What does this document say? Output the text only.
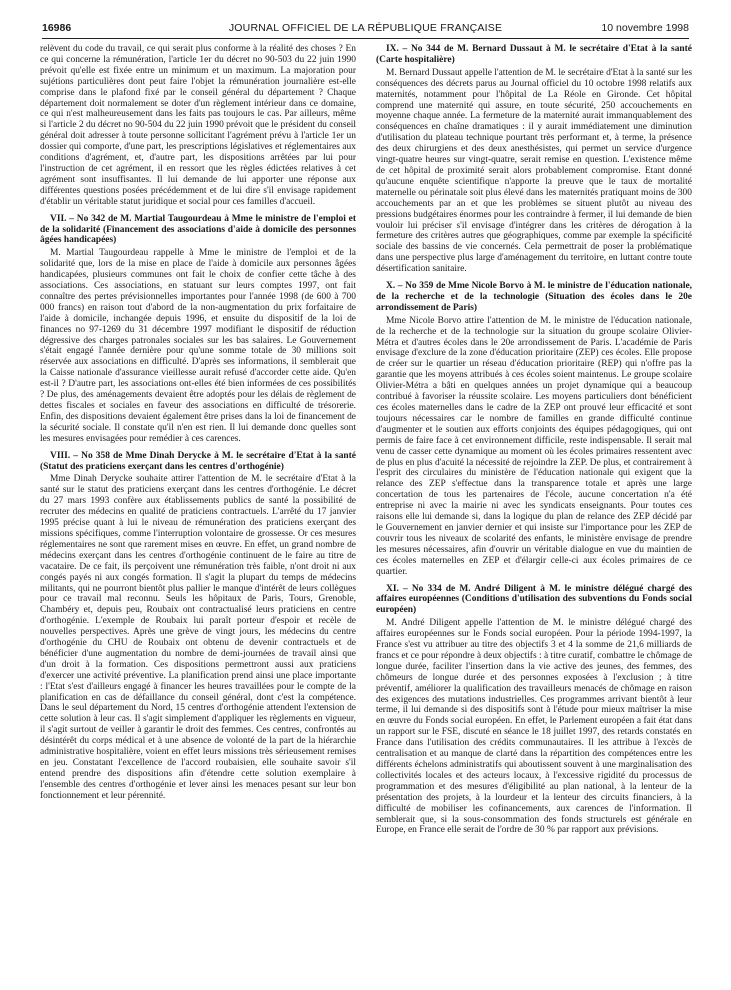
16986	JOURNAL OFFICIEL DE LA RÉPUBLIQUE FRANÇAISE	10 novembre 1998

relèvent du code du travail, ce qui serait plus conforme à la réalité des choses ? En ce qui concerne la rémunération, l'article 1er du décret no 90-503 du 22 juin 1990 prévoit qu'elle est fixée entre un minimum et un maximum. La majoration pour sujétions particulières dont peut faire l'objet la rémunération journalière est-elle comprise dans le plafond fixé par le conseil général du département ? Chaque département doit normalement se doter d'un règlement intérieur dans ce domaine, ce qui n'est malheureusement dans les faits pas toujours le cas. Par ailleurs, même si l'article 2 du décret no 90-504 du 22 juin 1990 prévoit que le président du conseil général doit adresser à toute personne sollicitant l'agrément prévu à l'article 1er un dossier qui comporte, d'une part, les prescriptions législatives et réglementaires aux conditions d'agrément, et, d'autre part, les dispositions arrêtées par lui pour l'instruction de cet agrément, il en ressort que les règles édictées relatives à cet agrément sont insuffisantes. Il lui demande de lui apporter une réponse aux différentes questions posées précédemment et de lui dire s'il envisage rapidement d'établir un véritable statut juridique et social pour ces familles d'accueil.

VII. – No 342 de M. Martial Taugourdeau à Mme le ministre de l'emploi et de la solidarité (Financement des associations d'aide à domicile des personnes âgées handicapées)

M. Martial Taugourdeau rappelle à Mme le ministre de l'emploi et de la solidarité que, lors de la mise en place de l'aide à domicile aux personnes âgées handicapées, plusieurs communes ont fait le choix de confier cette tâche à des associations. Ces associations, en statuant sur leurs comptes 1997, ont fait connaître des pertes prévisionnelles importantes pour l'année 1998 (de 600 à 700 000 francs) en raison tout d'abord de la non-augmentation du prix forfaitaire de l'aide à domicile, inchangée depuis 1996, et ensuite du dispositif de la loi de finances no 97-1269 du 31 décembre 1997 modifiant le dispositif de réduction dégressive des charges patronales sociales sur les bas salaires. Le Gouvernement s'était engagé l'année dernière pour qu'une somme totale de 30 millions soit réservée aux associations en difficulté. D'après ses informations, il semblerait que la Caisse nationale d'assurance vieillesse aurait refusé d'accorder cette aide. Qu'en est-il ? D'autre part, les associations ont-elles été bien informées de ces possibilités ? De plus, des aménagements devaient être adoptés pour les délais de règlement de dettes fiscales et sociales en faveur des associations en difficulté de trésorerie. Enfin, des dispositions devaient également être prises dans la loi de financement de la sécurité sociale. Il constate qu'il n'en est rien. Il lui demande donc quelles sont les mesures envisagées pour remédier à ces carences.

VIII. – No 358 de Mme Dinah Derycke à M. le secrétaire d'Etat à la santé (Statut des praticiens exerçant dans les centres d'orthogénie)

Mme Dinah Derycke souhaite attirer l'attention de M. le secrétaire d'Etat à la santé sur le statut des praticiens exerçant dans les centres d'orthogénie. Le décret du 27 mars 1993 confère aux établissements publics de santé la possibilité de recruter des médecins en qualité de praticiens contractuels. L'arrêté du 17 janvier 1995 précise quant à lui le niveau de rémunération des praticiens exerçant des missions spécifiques, comme l'interruption volontaire de grossesse. Or ces mesures réglementaires ne sont que rarement mises en œuvre. En effet, un grand nombre de médecins exerçant dans les centres d'orthogénie continuent de le faire au titre de vacataire. De ce fait, ils perçoivent une rémunération très faible, n'ont droit ni aux congés payés ni aux congés formation. Il s'agit la plupart du temps de médecins militants, qui ne pourront bientôt plus pallier le manque d'intérêt de leurs collègues pour ce travail mal reconnu. Seuls les hôpitaux de Paris, Tours, Grenoble, Chambéry et, depuis peu, Roubaix ont contractualisé leurs praticiens en centre d'orthogénie. L'exemple de Roubaix lui paraît porteur d'espoir et recèle de nouvelles perspectives. Après une grève de vingt jours, les médecins du centre d'orthogénie du CHU de Roubaix ont obtenu de devenir contractuels et de bénéficier d'une augmentation du nombre de demi-journées de travail ainsi que d'un droit à la formation. Ces dispositions permettront aussi aux praticiens d'exercer une activité préventive. La planification prend ainsi une place importante : l'Etat s'est d'ailleurs engagé à financer les heures travaillées pour le compte de la planification en cas de défaillance du conseil général, dont c'est la compétence. Dans le seul département du Nord, 15 centres d'orthogénie attendent l'extension de cette solution à leur cas. Il s'agit simplement d'appliquer les règlements en vigueur, il s'agit surtout de veiller à garantir le droit des femmes. Ces centres, confrontés au désintérêt du corps médical et à une absence de volonté de la part de la hiérarchie administrative hospitalière, voient en effet leurs missions très sérieusement remises en jeu. Constatant l'excellence de l'accord roubaisien, elle souhaite savoir s'il entend prendre des dispositions afin d'étendre cette solution exemplaire à l'ensemble des centres d'orthogénie et lever ainsi les menaces pesant sur leur bon fonctionnement et leur pérennité.

IX. – No 344 de M. Bernard Dussaut à M. le secrétaire d'Etat à la santé (Carte hospitalière)

M. Bernard Dussaut appelle l'attention de M. le secrétaire d'Etat à la santé sur les conséquences des décrets parus au Journal officiel du 10 octobre 1998 relatifs aux maternités, notamment pour l'hôpital de La Réole en Gironde. Cet hôpital comprend une maternité qui assure, en toute sécurité, 250 accouchements en moyenne chaque année. La fermeture de la maternité aurait immanquablement des conséquences en chaîne dramatiques : il y aurait immédiatement une diminution d'utilisation du plateau technique pourtant très performant et, à terme, la présence des deux chirurgiens et des deux anesthésistes, qui permet un service d'urgence vingt-quatre heures sur vingt-quatre, serait remise en question. L'existence même de cet hôpital de proximité serait alors probablement compromise. Etant donné qu'aucune enquête scientifique n'apporte la preuve que le taux de mortalité maternelle ou périnatale soit plus élevé dans les maternités pratiquant moins de 300 accouchements par an et que les problèmes se situent plutôt au niveau des pressions budgétaires énormes pour les contraindre à fermer, il lui demande de bien vouloir lui préciser s'il envisage d'intégrer dans les critères de dérogation à la fermeture des critères autres que géographiques, comme par exemple la spécificité sociale des bassins de vie concernés. Cela permettrait de poser la problématique dans une perspective plus large d'aménagement du territoire, en luttant contre toute désertification sanitaire.

X. – No 359 de Mme Nicole Borvo à M. le ministre de l'éducation nationale, de la recherche et de la technologie (Situation des écoles dans le 20e arrondissement de Paris)

Mme Nicole Borvo attire l'attention de M. le ministre de l'éducation nationale, de la recherche et de la technologie sur la situation du groupe scolaire Olivier-Métra et d'autres écoles dans le 20e arrondissement de Paris. L'académie de Paris envisage d'exclure de la zone d'éducation prioritaire (ZEP) ces écoles. Elle propose de créer sur le quartier un réseau d'éducation prioritaire (REP) qui n'offre pas la garantie que les moyens attribués à ces écoles soient maintenus. Le groupe scolaire Olivier-Métra a bâti en quelques années un projet dynamique qui a beaucoup contribué à favoriser la réussite scolaire. Les moyens particuliers dont bénéficient ces écoles maternelles dans le cadre de la ZEP ont prouvé leur efficacité et sont toujours nécessaires car le nombre de familles en grande difficulté continue d'augmenter et le soutien aux efforts conjoints des équipes pédagogiques, qui ont permis de faire face à cet environnement difficile, reste indispensable. Il serait mal venu de casser cette dynamique au moment où les écoles primaires ressentent avec de plus en plus d'acuité la nécessité de rejoindre la ZEP. De plus, et contrairement à l'esprit des circulaires du ministère de l'éducation nationale qui exigent que la relance des ZEP s'effectue dans la transparence totale et après une large concertation de tous les partenaires de l'école, aucune concertation n'a été entreprise ni avec la mairie ni avec les syndicats enseignants. Pour toutes ces raisons elle lui demande si, dans la logique du plan de relance des ZEP décidé par le Gouvernement en janvier dernier et qui insiste sur l'importance pour les ZEP de couvrir tous les niveaux de scolarité des enfants, le ministère envisage de prendre les mesures nécessaires, afin d'ouvrir un véritable dialogue en vue du maintien de ces écoles maternelles en ZEP et d'élargir celle-ci aux écoles primaires de ce quartier.

XI. – No 334 de M. André Diligent à M. le ministre délégué chargé des affaires européennes (Conditions d'utilisation des subventions du Fonds social européen)

M. André Diligent appelle l'attention de M. le ministre délégué chargé des affaires européennes sur le Fonds social européen. Pour la période 1994-1997, la France s'est vu attribuer au titre des objectifs 3 et 4 la somme de 21,6 milliards de francs et ce pour répondre à deux objectifs : à titre curatif, combattre le chômage de longue durée, faciliter l'insertion dans la vie active des jeunes, des femmes, des chômeurs de longue durée et des personnes exposées à l'exclusion ; à titre préventif, améliorer la qualification des travailleurs menacés de chômage en raison des exigences des mutations industrielles. Ces programmes arrivant bientôt à leur terme, il lui demande si des dispositifs sont à l'étude pour mieux maîtriser la mise en œuvre du Fonds social européen. En effet, le Parlement européen a fait état dans un rapport sur le FSE, discuté en séance le 18 juillet 1997, des retards constatés en France dans l'utilisation des crédits communautaires. Il les attribue à l'excès de centralisation et au manque de clarté dans la répartition des compétences entre les différents échelons administratifs qui aboutissent souvent à une marginalisation des collectivités locales et des acteurs locaux, à l'excessive rigidité du processus de programmation et des mesures d'éligibilité au plan national, à la lenteur de la présentation des projets, à la lourdeur et la lenteur des circuits financiers, à la difficulté de mobiliser les cofinancements, aux carences de l'information. Il semblerait que, si la sous-consommation des fonds structurels est générale en Europe, en France elle serait de l'ordre de 30 % par rapport aux prévisions.
